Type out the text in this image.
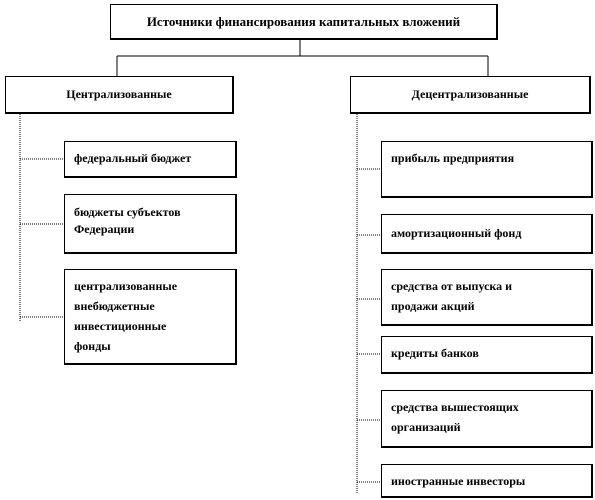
Источники финансирования капитальных вложений
Централизованные	Децентрализованные
федеральный бюджет
бюджеты субъектов
Федерации
централизованные
внебюджетные
инвестиционные
фонды
прибыль предприятия
амортизационный фонд
средства от выпуска и
продажи акций
кредиты банков
средства вышестоящих
организаций
иностранные инвесторы
